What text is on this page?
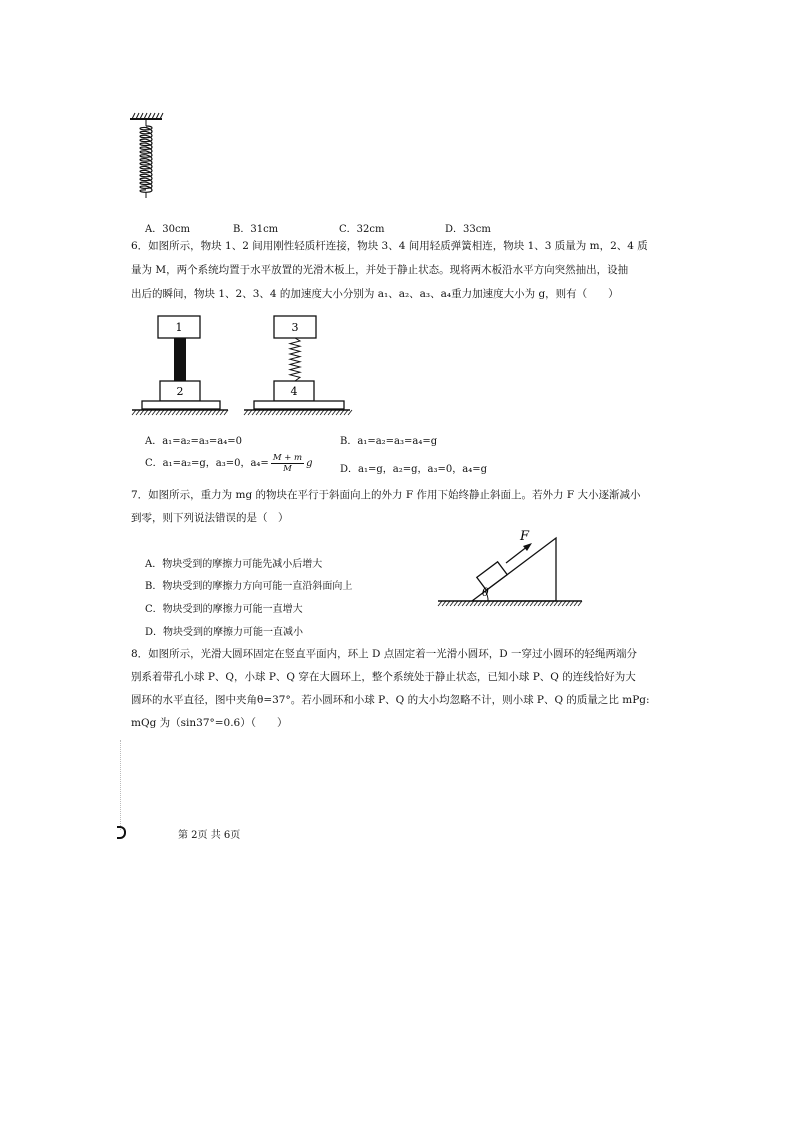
A．30cm	B．31cm	C．32cm	D．33cm
6．如图所示，物块 1、2 间用刚性轻质杆连接，物块 3、4 间用轻质弹簧相连，物块 1、3 质量为 m，2、4 质
量为 M，两个系统均置于水平放置的光滑木板上，并处于静止状态。现将两木板沿水平方向突然抽出，设抽
出后的瞬间，物块 1、2、3、4 的加速度大小分别为 a₁、a₂、a₃、a₄重力加速度大小为 g，则有（　　）
1
2
3
4
A．a₁=a₂=a₃=a₄=0	B．a₁=a₂=a₃=a₄=g
C．a₁=a₂=g，a₃=0，$a_4= \frac{M + m}{M}$ g
D．a₁=g，a₂=g，a₃=0，a₄=g
7．如图所示，重力为 mg 的物块在平行于斜面向上的外力 F 作用下始终静止斜面上。若外力 F 大小逐渐减小
到零，则下列说法错误的是（　）
A．物块受到的摩擦力可能先减小后增大
B．物块受到的摩擦力方向可能一直沿斜面向上
C．物块受到的摩擦力可能一直增大
D．物块受到的摩擦力可能一直减小
F
θ
8．如图所示，光滑大圆环固定在竖直平面内，环上 D 点固定着一光滑小圆环，D 一穿过小圆环的轻绳两端分
别系着带孔小球 P、Q，小球 P、Q 穿在大圆环上，整个系统处于静止状态，已知小球 P、Q 的连线恰好为大
圆环的水平直径，图中夹角θ=37°。若小圆环和小球 P、Q 的大小均忽略不计，则小球 P、Q 的质量之比 mPg:
mQg 为（sin37°=0.6）（　　）
第 2页 共 6页
